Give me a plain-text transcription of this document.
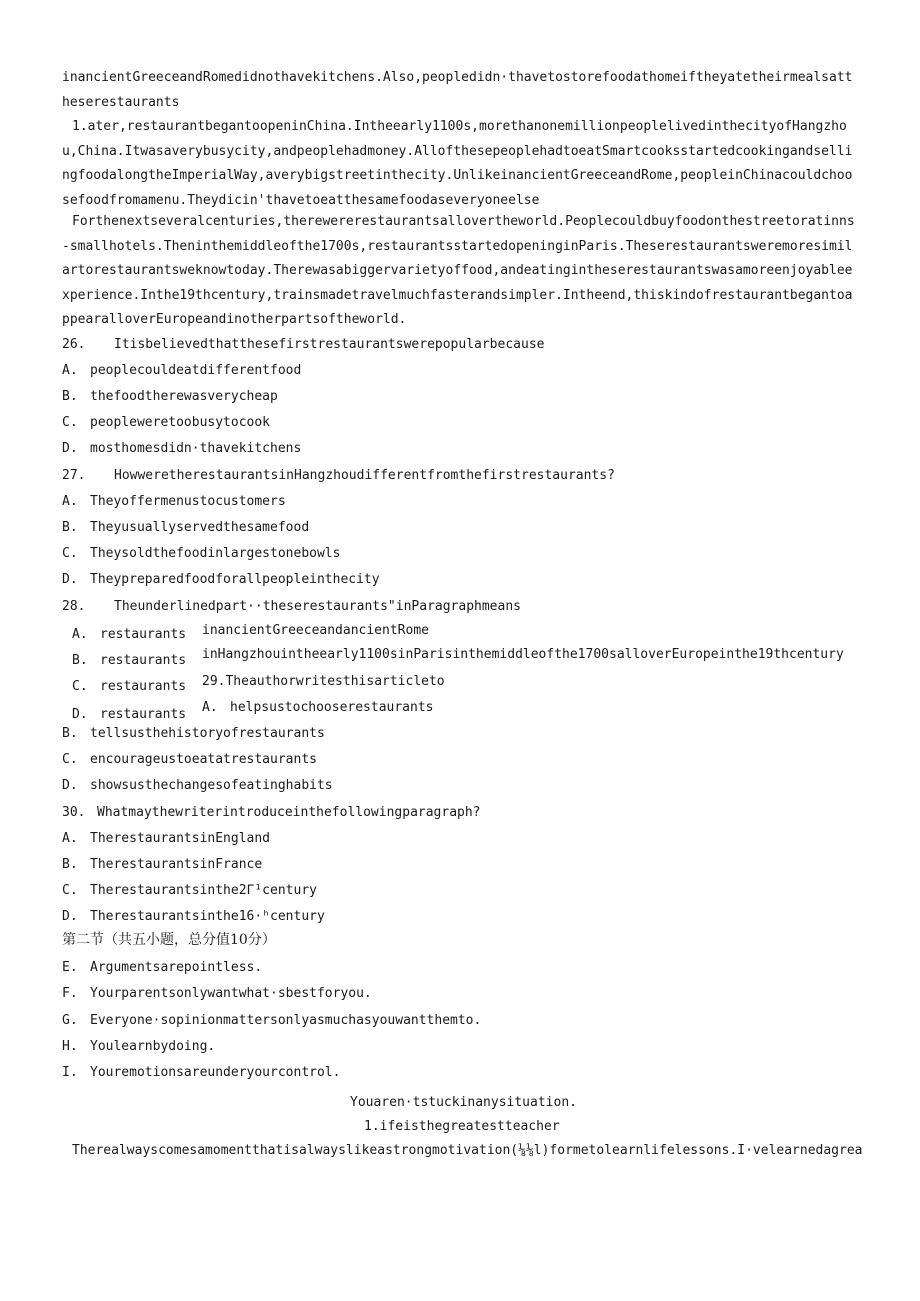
inancientGreeceandRomedidnothavekitchens.Also,peopledidn·thavetostorefoodathomeiftheyatetheirmealsattheserestaurants
1.ater,restaurantbegantoopeninChina.Intheearly1100s,morethanonemillionpeoplelivedinthecityofHangzhou,China.Itwasaverybusycity,andpeoplehadmoney.AllofthesepeoplehadtoeatSmartcooksstartedcookingandsellingfoodalongtheImperialWay,averybigstreetinthecity.UnlikeinancientGreeceandRome,peopleinChinacouldchoosefoodfromamenu.Theydicin'thavetoeatthesamefoodaseveryoneelse
Forthenextseveralcenturies,therewererestaurantsallovertheworld.Peoplecouldbuyfoodonthestreetoratinns-smallhotels.Theninthemiddleofthe1700s,restaurantsstartedopeninginParis.Theserestaurantsweremoresimilartorestaurantsweknowtoday.Therewasabiggervarietyoffood,andeatingintheserestaurantswasamoreenjoyableexperience.Inthe19thcentury,trainsmadetravelmuchfasterandsimpler.Intheend,thiskindofrestaurantbegantoappearalloverEuropeandinotherpartsoftheworld.
26. Itisbelievedthatthesefirstrestaurantswerepopularbecause
A. peoplecouldeatdifferentfood
B. thefoodtherewasverycheap
C. peopleweretoobusytocook
D. mosthomesdidn·thavekitchens
27. HowweretherestaurantsinHangzhoudifferentfromthefirstrestaurants?
A. Theyoffermenustocustomers
B. Theyusuallyservedthesamefood
C. Theysoldthefoodinlargestonebowls
D. Theypreparedfoodforallpeopleinthecity
28. Theunderlinedpart··theserestaurants"inParagraphmeans
A. restaurants
B. restaurants
C. restaurants
D. restaurants
inancientGreeceandancientRome
inHangzhouintheearly1100sinParisinthemiddleofthe1700salloverEuropeinthe19thcentury
29.Theauthorwritesthisarticleto
A. helpsustochooserestaurants
B. tellsusthehistoryofrestaurants
C. encourageustoeatatrestaurants
D. showsusthechangesofeatinghabits
30. Whatmaythewriterintroduceinthefollowingparagraph?
A. TherestaurantsinEngland
B. TherestaurantsinFrance
C. Therestaurantsinthe2Γ¹century
D. Therestaurantsinthe16·ʰcentury
第二节（共五小题，总分值10分）
E. Argumentsarepointless.
F. Yourparentsonlywantwhat·sbestforyou.
G. Everyone·sopinionmattersonlyasmuchasyouwantthemto.
H. Youlearnbydoing.
I. Youremotionsareunderyourcontrol.
Youaren·tstuckinanysituation.
1.ifeisthegreatestteacher
Therealwayscomesamomentthatisalwayslikeastrongmotivation(⅛⅛l)formetolearnlifelessons.I·velearnedagrea
